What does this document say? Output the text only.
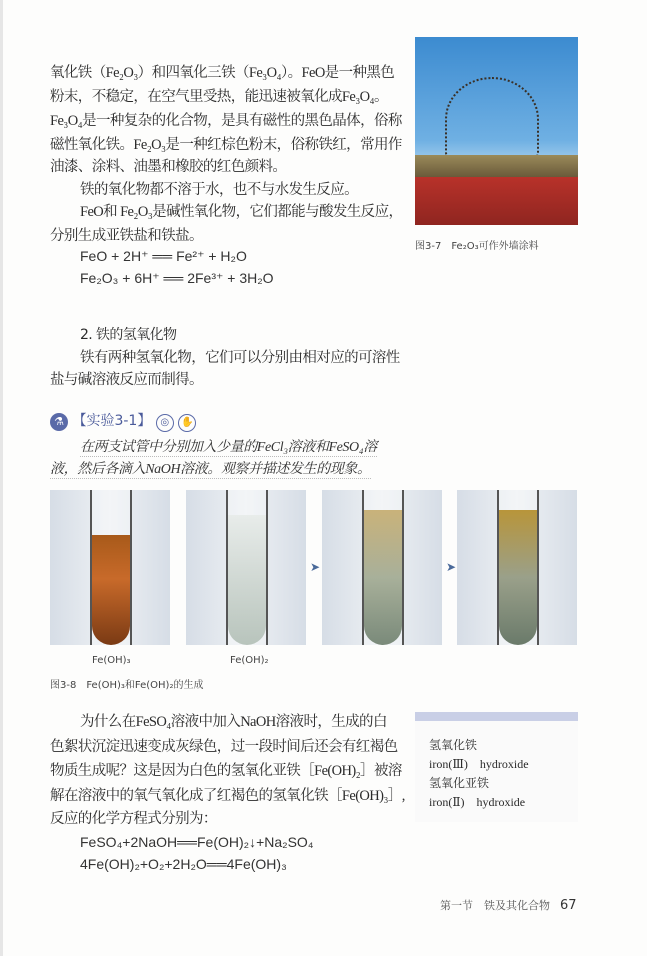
氧化铁（Fe₂O₃）和四氧化三铁（Fe₃O₄）。FeO是一种黑色
粉末，不稳定，在空气里受热，能迅速被氧化成Fe₃O₄。
Fe₃O₄是一种复杂的化合物，是具有磁性的黑色晶体，俗称
磁性氧化铁。Fe₂O₃是一种红棕色粉末，俗称铁红，常用作
油漆、涂料、油墨和橡胶的红色颜料。
铁的氧化物都不溶于水，也不与水发生反应。
FeO和 Fe₂O₃是碱性氧化物，它们都能与酸发生反应，
分别生成亚铁盐和铁盐。
FeO + 2H⁺ ══ Fe²⁺ + H₂O
Fe₂O₃ + 6H⁺ ══ 2Fe³⁺ + 3H₂O
图3-7　Fe₂O₃可作外墙涂料
2. 铁的氢氧化物
铁有两种氢氧化物，它们可以分别由相对应的可溶性
盐与碱溶液反应而制得。
⚗ 【实验3-1】 ◎ ✋
在两支试管中分别加入少量的FeCl₃溶液和FeSO₄溶
液，然后各滴入NaOH溶液。观察并描述发生的现象。
➤	➤
Fe(OH)₃	Fe(OH)₂
图3-8　Fe(OH)₃和Fe(OH)₂的生成
为什么在FeSO₄溶液中加入NaOH溶液时，生成的白
色絮状沉淀迅速变成灰绿色，过一段时间后还会有红褐色
物质生成呢？这是因为白色的氢氧化亚铁［Fe(OH)₂］被溶
解在溶液中的氧气氧化成了红褐色的氢氧化铁［Fe(OH)₃］,
反应的化学方程式分别为：
FeSO₄+2NaOH══Fe(OH)₂↓+Na₂SO₄
4Fe(OH)₂+O₂+2H₂O══4Fe(OH)₃
氢氧化铁
iron(Ⅲ)　hydroxide
氢氧化亚铁
iron(Ⅱ)　hydroxide
第一节　铁及其化合物 67
